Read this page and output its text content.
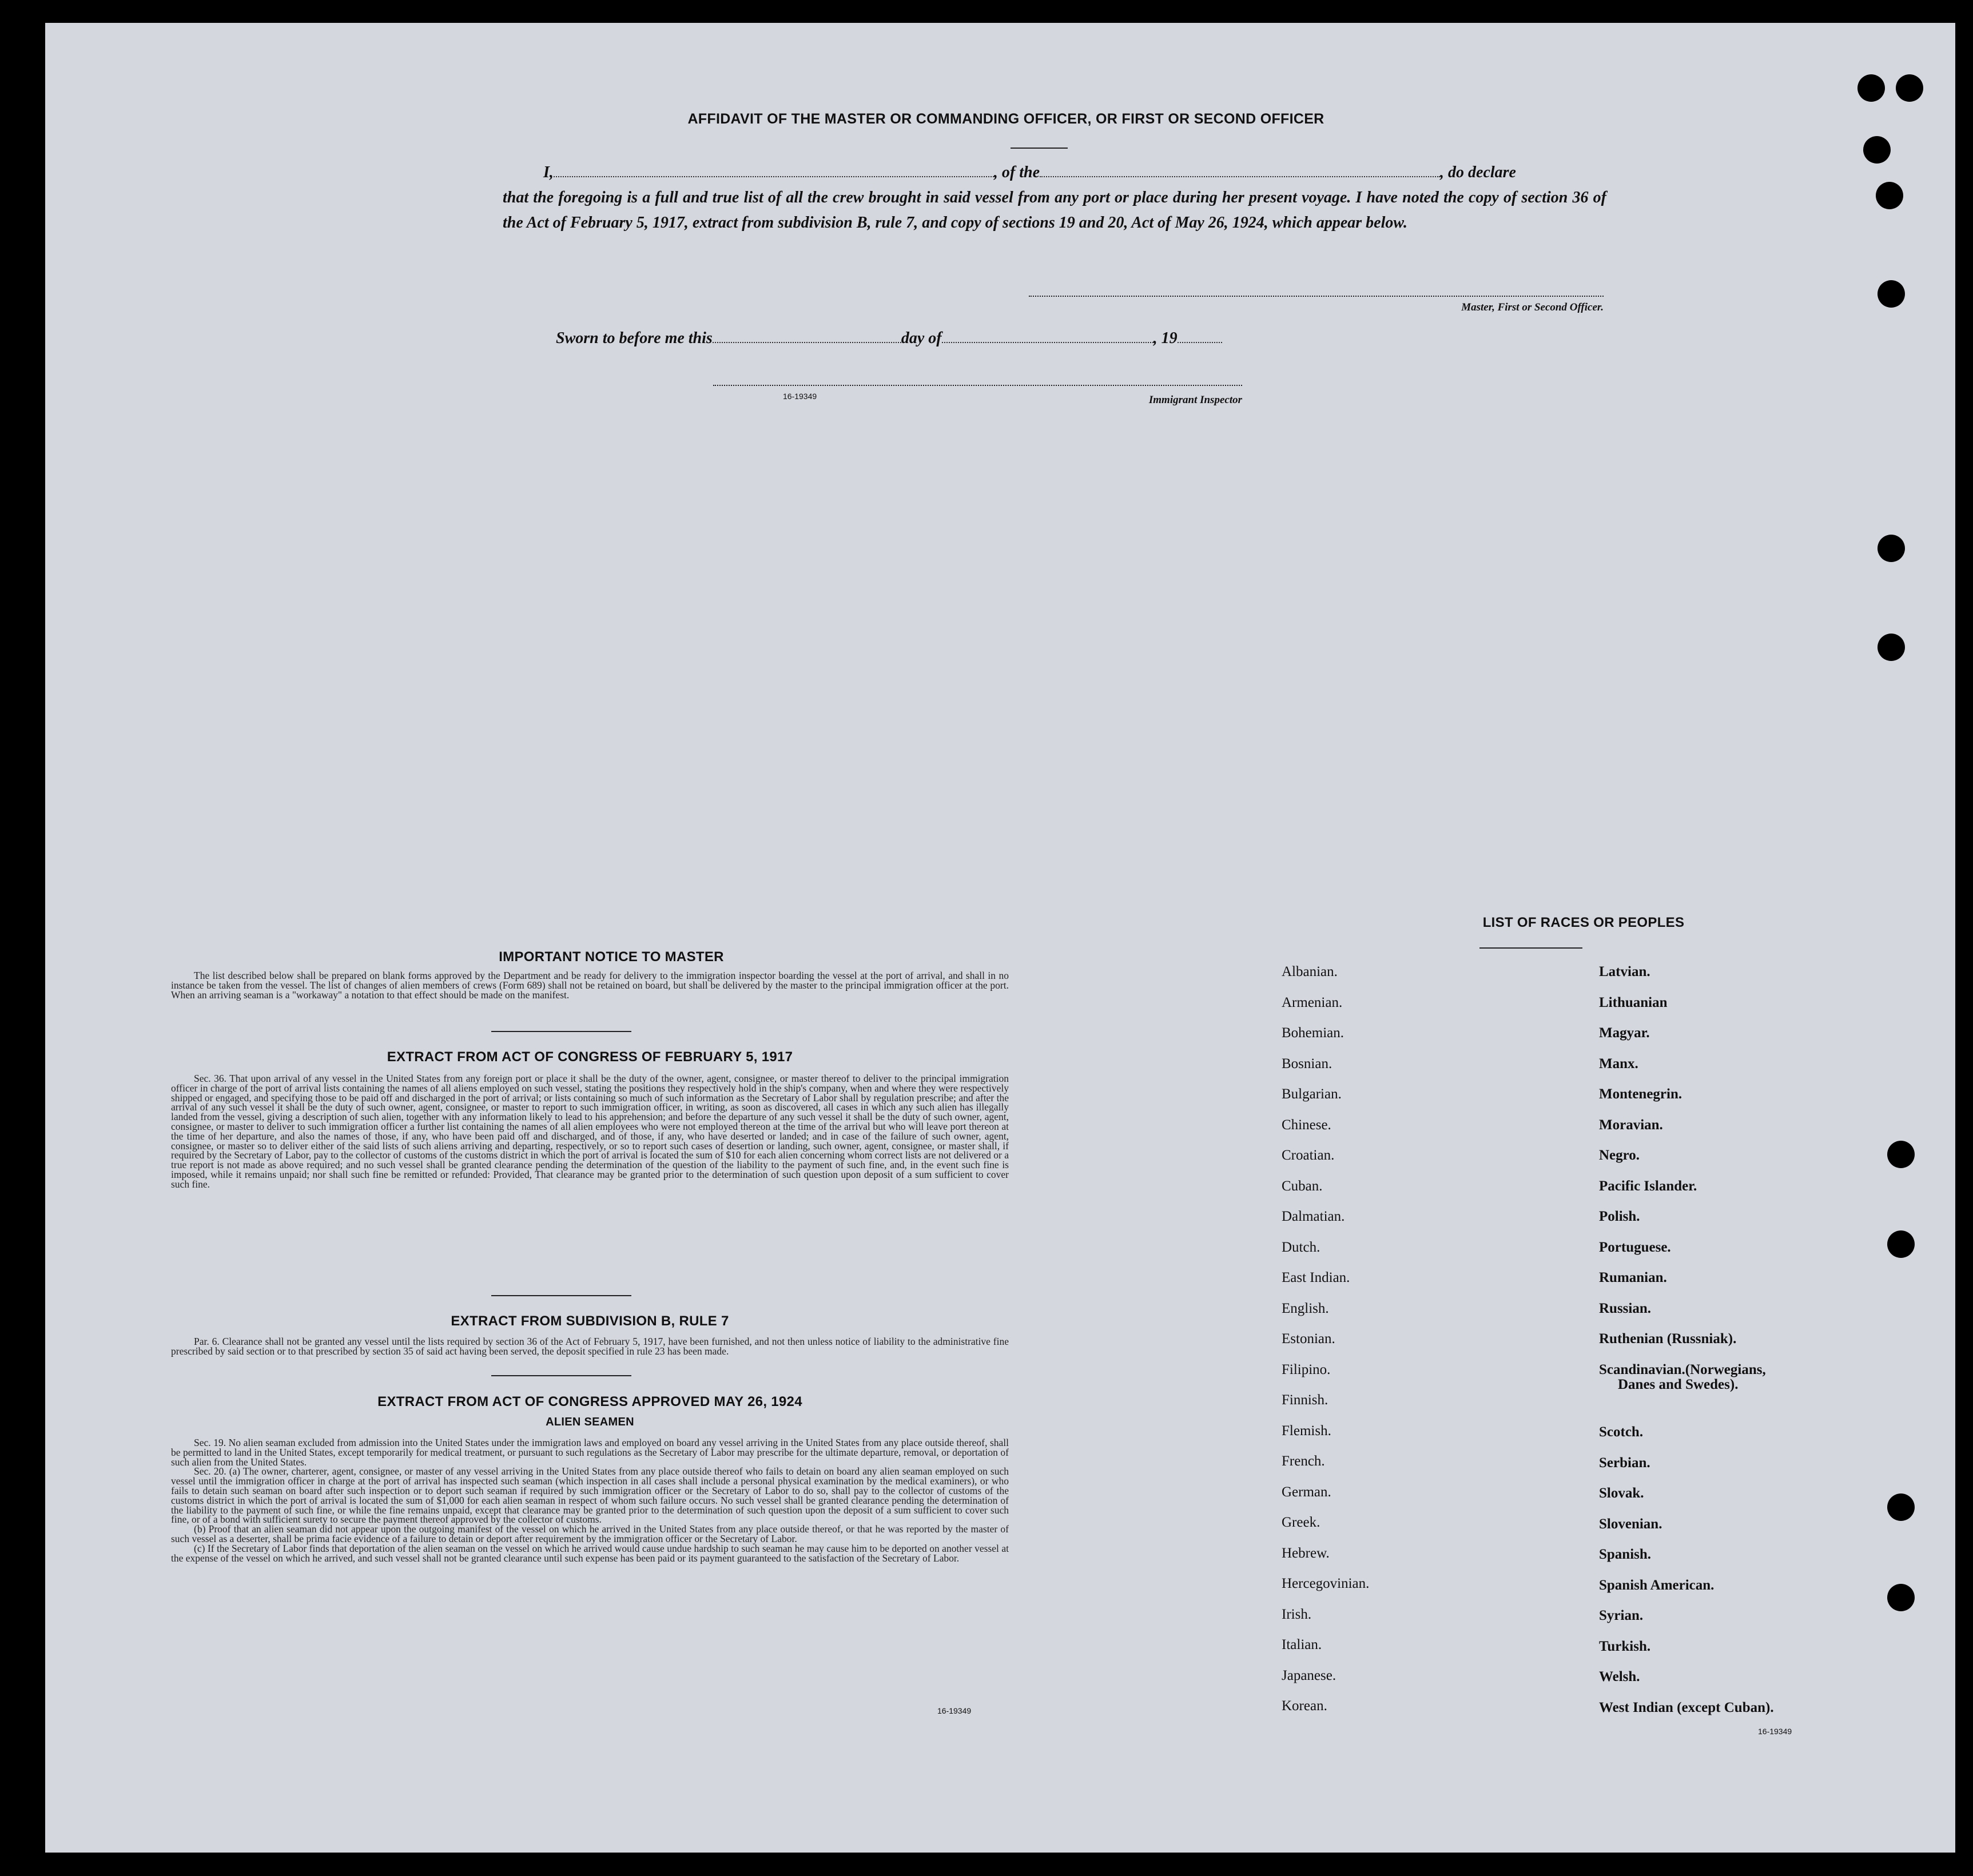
AFFIDAVIT OF THE MASTER OR COMMANDING OFFICER, OR FIRST OR SECOND OFFICER
I,	, of the	, do declare
that the foregoing is a full and true list of all the crew brought in said vessel from any port or place during her present voyage. I have noted the copy of section 36 of the Act of February 5, 1917, extract from subdivision B, rule 7, and copy of sections 19 and 20, Act of May 26, 1924, which appear below.
Master, First or Second Officer.
Sworn to before me this	day of	, 19
16-19349	Immigrant Inspector
IMPORTANT NOTICE TO MASTER

The list described below shall be prepared on blank forms approved by the Department and be ready for delivery to the immigration inspector boarding the vessel at the port of arrival, and shall in no instance be taken from the vessel. The list of changes of alien members of crews (Form 689) shall not be retained on board, but shall be delivered by the master to the principal immigration officer at the port. When an arriving seaman is a "workaway" a notation to that effect should be made on the manifest.

EXTRACT FROM ACT OF CONGRESS OF FEBRUARY 5, 1917

Sec. 36. That upon arrival of any vessel in the United States from any foreign port or place it shall be the duty of the owner, agent, consignee, or master thereof to deliver to the principal immigration officer in charge of the port of arrival lists containing the names of all aliens employed on such vessel, stating the positions they respectively hold in the ship's company, when and where they were respectively shipped or engaged, and specifying those to be paid off and discharged in the port of arrival; or lists containing so much of such information as the Secretary of Labor shall by regulation prescribe; and after the arrival of any such vessel it shall be the duty of such owner, agent, consignee, or master to report to such immigration officer, in writing, as soon as discovered, all cases in which any such alien has illegally landed from the vessel, giving a description of such alien, together with any information likely to lead to his apprehension; and before the departure of any such vessel it shall be the duty of such owner, agent, consignee, or master to deliver to such immigration officer a further list containing the names of all alien employees who were not employed thereon at the time of the arrival but who will leave port thereon at the time of her departure, and also the names of those, if any, who have been paid off and discharged, and of those, if any, who have deserted or landed; and in case of the failure of such owner, agent, consignee, or master so to deliver either of the said lists of such aliens arriving and departing, respectively, or so to report such cases of desertion or landing, such owner, agent, consignee, or master shall, if required by the Secretary of Labor, pay to the collector of customs of the customs district in which the port of arrival is located the sum of $10 for each alien concerning whom correct lists are not delivered or a true report is not made as above required; and no such vessel shall be granted clearance pending the determination of the question of the liability to the payment of such fine, and, in the event such fine is imposed, while it remains unpaid; nor shall such fine be remitted or refunded: Provided, That clearance may be granted prior to the determination of such question upon deposit of a sum sufficient to cover such fine.

EXTRACT FROM SUBDIVISION B, RULE 7

Par. 6. Clearance shall not be granted any vessel until the lists required by section 36 of the Act of February 5, 1917, have been furnished, and not then unless notice of liability to the administrative fine prescribed by said section or to that prescribed by section 35 of said act having been served, the deposit specified in rule 23 has been made.

EXTRACT FROM ACT OF CONGRESS APPROVED MAY 26, 1924
ALIEN SEAMEN

Sec. 19. No alien seaman excluded from admission into the United States under the immigration laws and employed on board any vessel arriving in the United States from any place outside thereof, shall be permitted to land in the United States, except temporarily for medical treatment, or pursuant to such regulations as the Secretary of Labor may prescribe for the ultimate departure, removal, or deportation of such alien from the United States.

Sec. 20. (a) The owner, charterer, agent, consignee, or master of any vessel arriving in the United States from any place outside thereof who fails to detain on board any alien seaman employed on such vessel until the immigration officer in charge at the port of arrival has inspected such seaman (which inspection in all cases shall include a personal physical examination by the medical examiners), or who fails to detain such seaman on board after such inspection or to deport such seaman if required by such immigration officer or the Secretary of Labor to do so, shall pay to the collector of customs of the customs district in which the port of arrival is located the sum of $1,000 for each alien seaman in respect of whom such failure occurs. No such vessel shall be granted clearance pending the determination of the liability to the payment of such fine, or while the fine remains unpaid, except that clearance may be granted prior to the determination of such question upon the deposit of a sum sufficient to cover such fine, or of a bond with sufficient surety to secure the payment thereof approved by the collector of customs.

(b) Proof that an alien seaman did not appear upon the outgoing manifest of the vessel on which he arrived in the United States from any place outside thereof, or that he was reported by the master of such vessel as a deserter, shall be prima facie evidence of a failure to detain or deport after requirement by the immigration officer or the Secretary of Labor.

(c) If the Secretary of Labor finds that deportation of the alien seaman on the vessel on which he arrived would cause undue hardship to such seaman he may cause him to be deported on another vessel at the expense of the vessel on which he arrived, and such vessel shall not be granted clearance until such expense has been paid or its payment guaranteed to the satisfaction of the Secretary of Labor.

16-19349
LIST OF RACES OR PEOPLES
16-19349
Albanian.
Armenian.
Bohemian.
Bosnian.
Bulgarian.
Chinese.
Croatian.
Cuban.
Dalmatian.
Dutch.
East Indian.
English.
Estonian.
Filipino.
Finnish.
Flemish.
French.
German.
Greek.
Hebrew.
Hercegovinian.
Irish.
Italian.
Japanese.
Korean.
Latvian.
Lithuanian
Magyar.
Manx.
Montenegrin.
Moravian.
Negro.
Pacific Islander.
Polish.
Portuguese.
Rumanian.
Russian.
Ruthenian (Russniak).
Scandinavian.(Norwegians,
Danes and Swedes).
Scotch.
Serbian.
Slovak.
Slovenian.
Spanish.
Spanish American.
Syrian.
Turkish.
Welsh.
West Indian (except Cuban).
